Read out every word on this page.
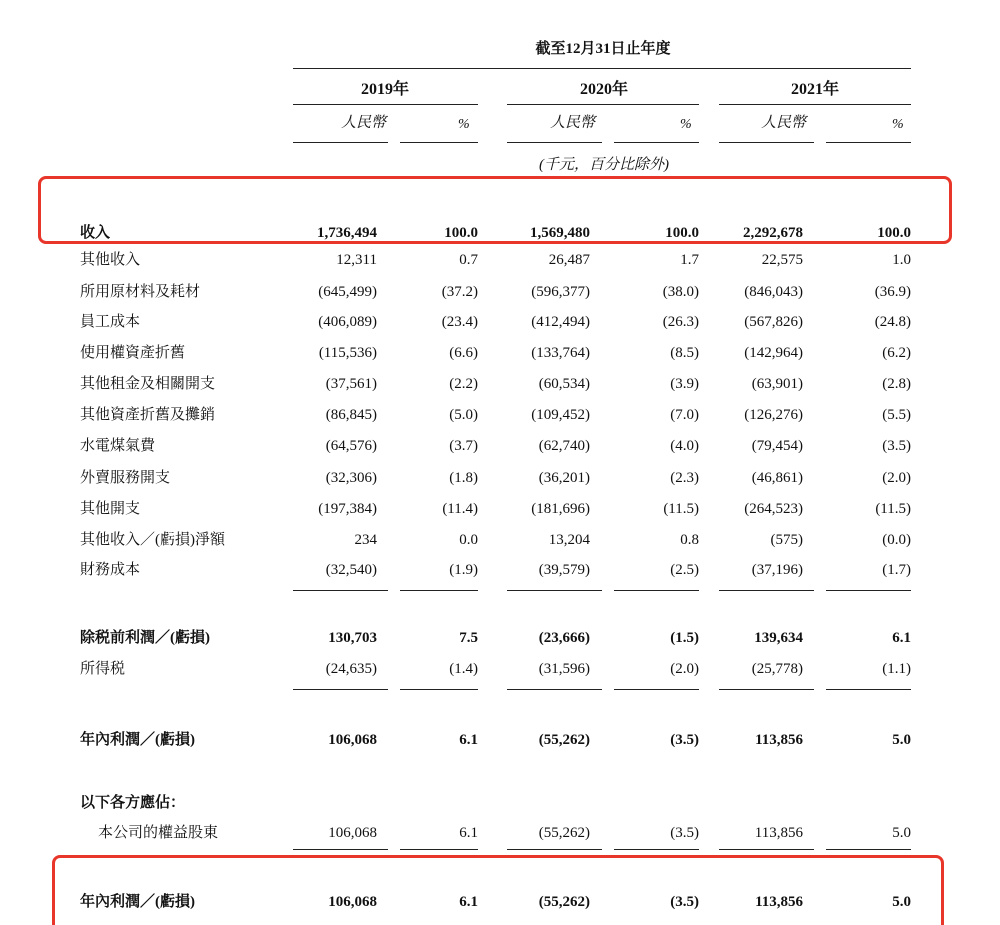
截至12月31日止年度
2019年	2020年	2021年
人民幣	%	人民幣	%	人民幣	%
(千元，百分比除外)
收入	1,736,494	100.0	1,569,480	100.0	2,292,678	100.0
其他收入	12,311	0.7	26,487	1.7	22,575	1.0
所用原材料及耗材	(645,499)	(37.2)	(596,377)	(38.0)	(846,043)	(36.9)
員工成本	(406,089)	(23.4)	(412,494)	(26.3)	(567,826)	(24.8)
使用權資產折舊	(115,536)	(6.6)	(133,764)	(8.5)	(142,964)	(6.2)
其他租金及相關開支	(37,561)	(2.2)	(60,534)	(3.9)	(63,901)	(2.8)
其他資產折舊及攤銷	(86,845)	(5.0)	(109,452)	(7.0)	(126,276)	(5.5)
水電煤氣費	(64,576)	(3.7)	(62,740)	(4.0)	(79,454)	(3.5)
外賣服務開支	(32,306)	(1.8)	(36,201)	(2.3)	(46,861)	(2.0)
其他開支	(197,384)	(11.4)	(181,696)	(11.5)	(264,523)	(11.5)
其他收入／(虧損)淨額	234	0.0	13,204	0.8	(575)	(0.0)
財務成本	(32,540)	(1.9)	(39,579)	(2.5)	(37,196)	(1.7)
除税前利潤／(虧損)	130,703	7.5	(23,666)	(1.5)	139,634	6.1
所得税	(24,635)	(1.4)	(31,596)	(2.0)	(25,778)	(1.1)
年內利潤／(虧損)	106,068	6.1	(55,262)	(3.5)	113,856	5.0
以下各方應佔：
本公司的權益股東	106,068	6.1	(55,262)	(3.5)	113,856	5.0
年內利潤／(虧損)	106,068	6.1	(55,262)	(3.5)	113,856	5.0
